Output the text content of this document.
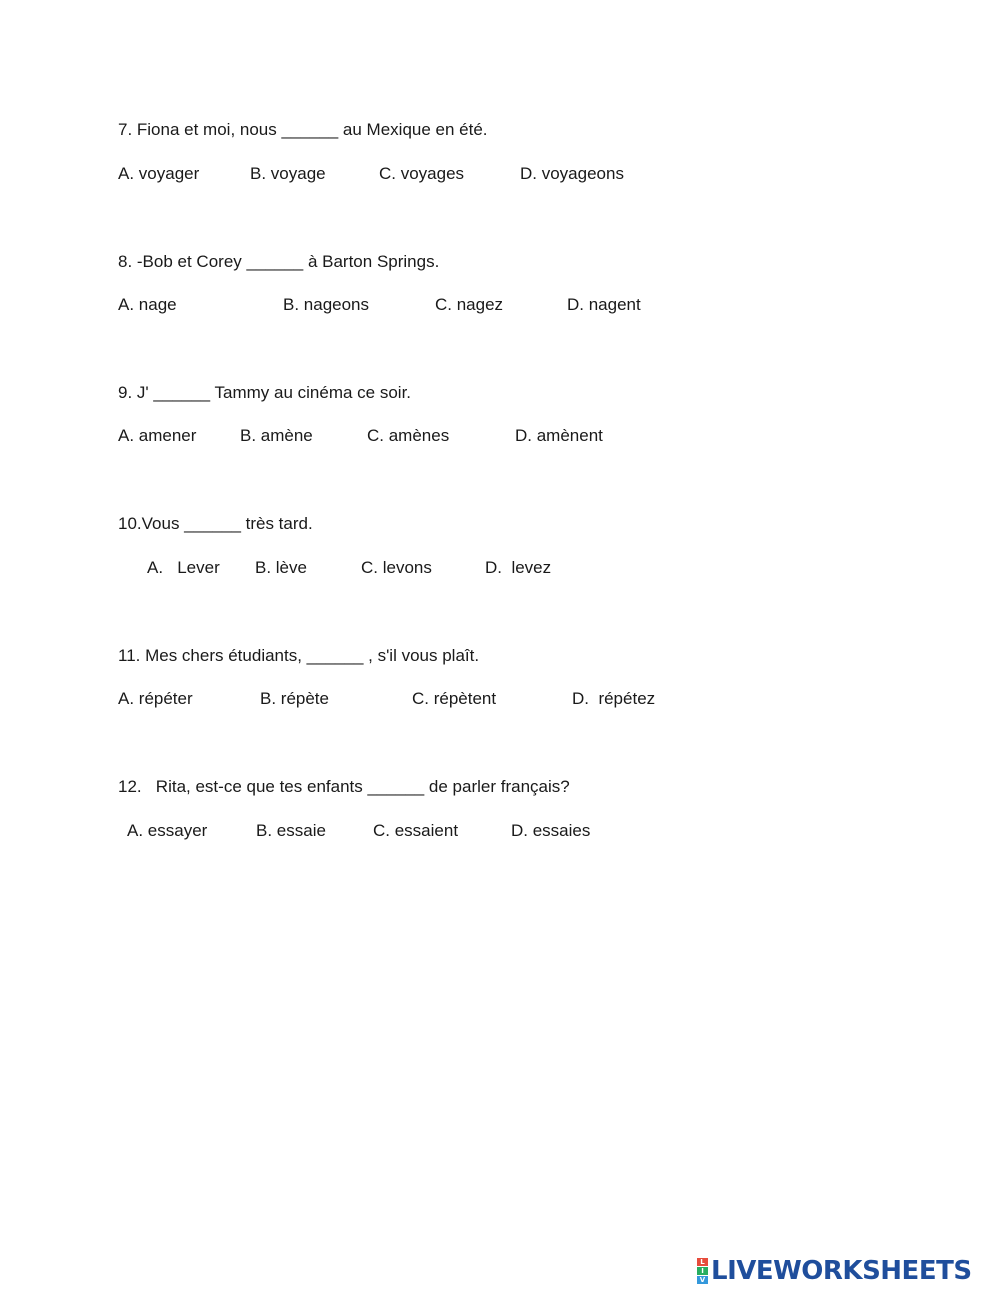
7. Fiona et moi, nous ______ au Mexique en été.
A. voyager	B. voyage	C. voyages	D. voyageons
8. -Bob et Corey ______ à Barton Springs.
A. nage	B. nageons	C. nagez	D. nagent
9. J' ______ Tammy au cinéma ce soir.
A. amener	B. amène	C. amènes	D. amènent
10.Vous ______ très tard.
A.   Lever B. lève	C. levons	D.  levez
11. Mes chers étudiants, ______ , s'il vous plaît.
A. répéter	B. répète	C. répètent	D.  répétez
12.   Rita, est-ce que tes enfants ______ de parler français?
A. essayer	B. essaie	C. essaient	D. essaies
L
I
V LIVEWORKSHEETS
